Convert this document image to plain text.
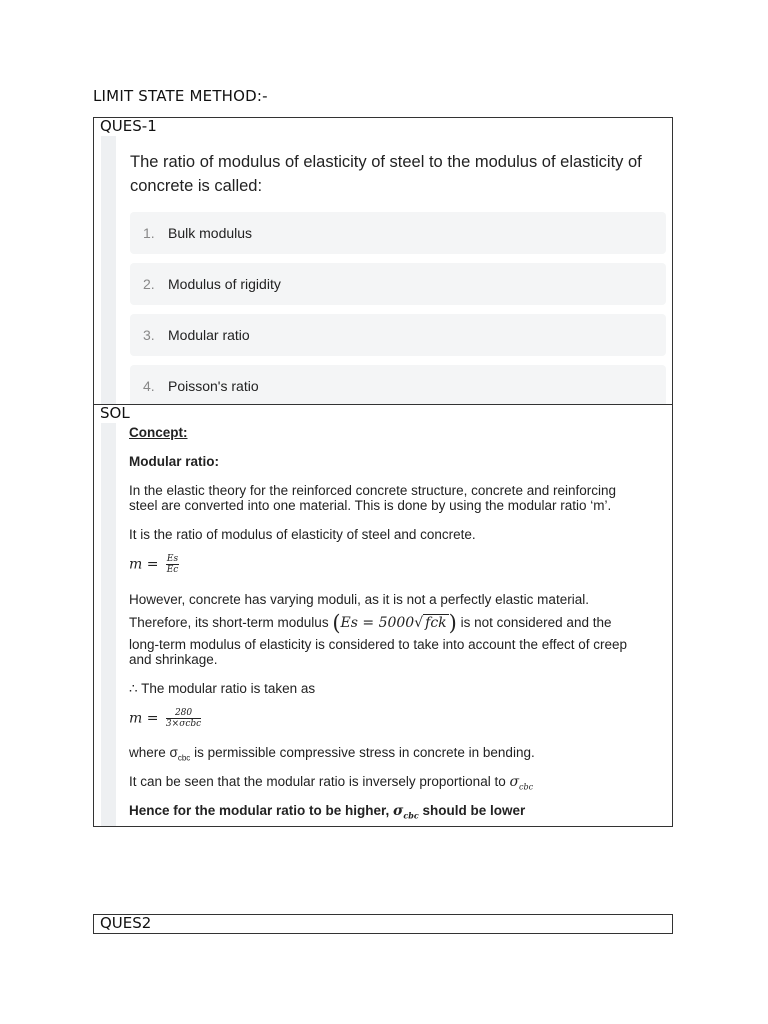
LIMIT STATE METHOD:-
QUES-1
The ratio of modulus of elasticity of steel to the modulus of elasticity of
concrete is called:
1. Bulk modulus
2. Modulus of rigidity
3. Modular ratio
4. Poisson's ratio
SOL
Concept:
Modular ratio:
In the elastic theory for the reinforced concrete structure, concrete and reinforcing
steel are converted into one material. This is done by using the modular ratio ‘m’.
It is the ratio of modulus of elasticity of steel and concrete.
$m = \frac{Es}{Ec}$
However, concrete has varying moduli, as it is not a perfectly elastic material.
Therefore, its short-term modulus (Es = 5000√ fck) is not considered and the
long-term modulus of elasticity is considered to take into account the effect of creep
and shrinkage.
∴ The modular ratio is taken as
$m = \frac{280}{\text{3×σcbc}}$
where $\sigma_{cbc}$ is permissible compressive stress in concrete in bending.
It can be seen that the modular ratio is inversely proportional to $\sigma_{cbc}$
Hence for the modular ratio to be higher, $\sigma_{cbc}$ should be lower
QUES2
